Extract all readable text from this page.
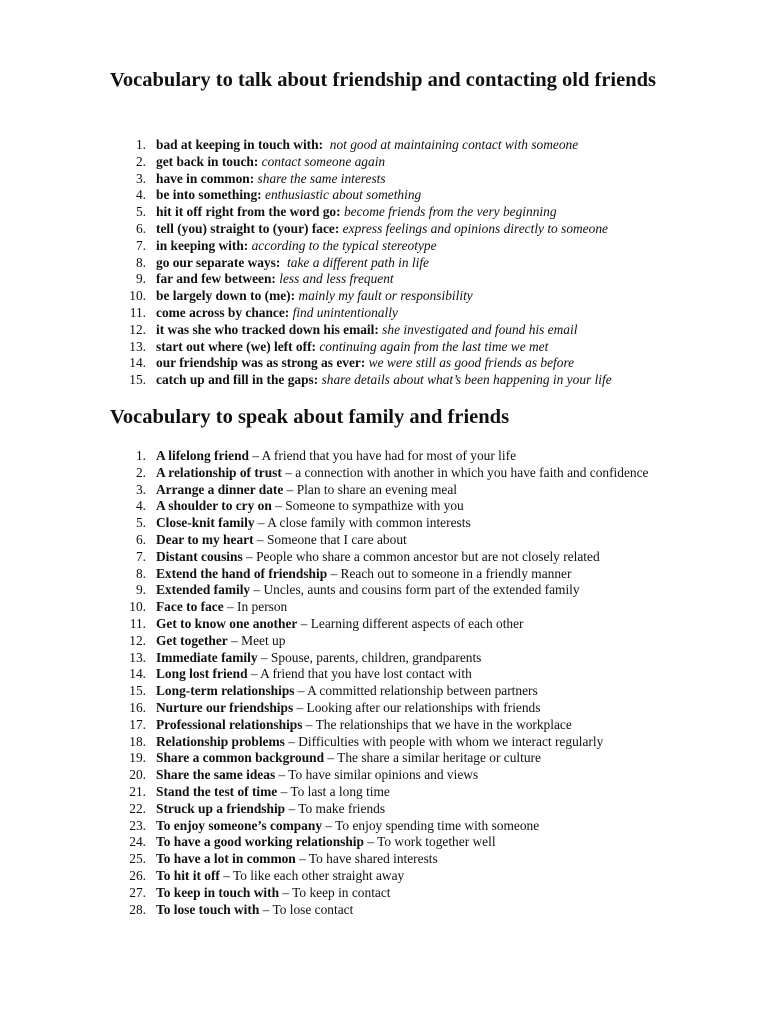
Vocabulary to talk about friendship and contacting old friends
1. bad at keeping in touch with:  not good at maintaining contact with someone
2. get back in touch: contact someone again
3. have in common: share the same interests
4. be into something: enthusiastic about something
5. hit it off right from the word go: become friends from the very beginning
6. tell (you) straight to (your) face: express feelings and opinions directly to someone
7. in keeping with: according to the typical stereotype
8. go our separate ways:  take a different path in life
9. far and few between: less and less frequent
10. be largely down to (me): mainly my fault or responsibility
11. come across by chance: find unintentionally
12. it was she who tracked down his email: she investigated and found his email
13. start out where (we) left off: continuing again from the last time we met
14. our friendship was as strong as ever: we were still as good friends as before
15. catch up and fill in the gaps: share details about what’s been happening in your life
Vocabulary to speak about family and friends
1. A lifelong friend – A friend that you have had for most of your life
2. A relationship of trust – a connection with another in which you have faith and confidence
3. Arrange a dinner date – Plan to share an evening meal
4. A shoulder to cry on – Someone to sympathize with you
5. Close-knit family – A close family with common interests
6. Dear to my heart – Someone that I care about
7. Distant cousins – People who share a common ancestor but are not closely related
8. Extend the hand of friendship – Reach out to someone in a friendly manner
9. Extended family – Uncles, aunts and cousins form part of the extended family
10. Face to face – In person
11. Get to know one another – Learning different aspects of each other
12. Get together – Meet up
13. Immediate family – Spouse, parents, children, grandparents
14. Long lost friend – A friend that you have lost contact with
15. Long-term relationships – A committed relationship between partners
16. Nurture our friendships – Looking after our relationships with friends
17. Professional relationships – The relationships that we have in the workplace
18. Relationship problems – Difficulties with people with whom we interact regularly
19. Share a common background – The share a similar heritage or culture
20. Share the same ideas – To have similar opinions and views
21. Stand the test of time – To last a long time
22. Struck up a friendship – To make friends
23. To enjoy someone’s company – To enjoy spending time with someone
24. To have a good working relationship – To work together well
25. To have a lot in common – To have shared interests
26. To hit it off – To like each other straight away
27. To keep in touch with – To keep in contact
28. To lose touch with – To lose contact
